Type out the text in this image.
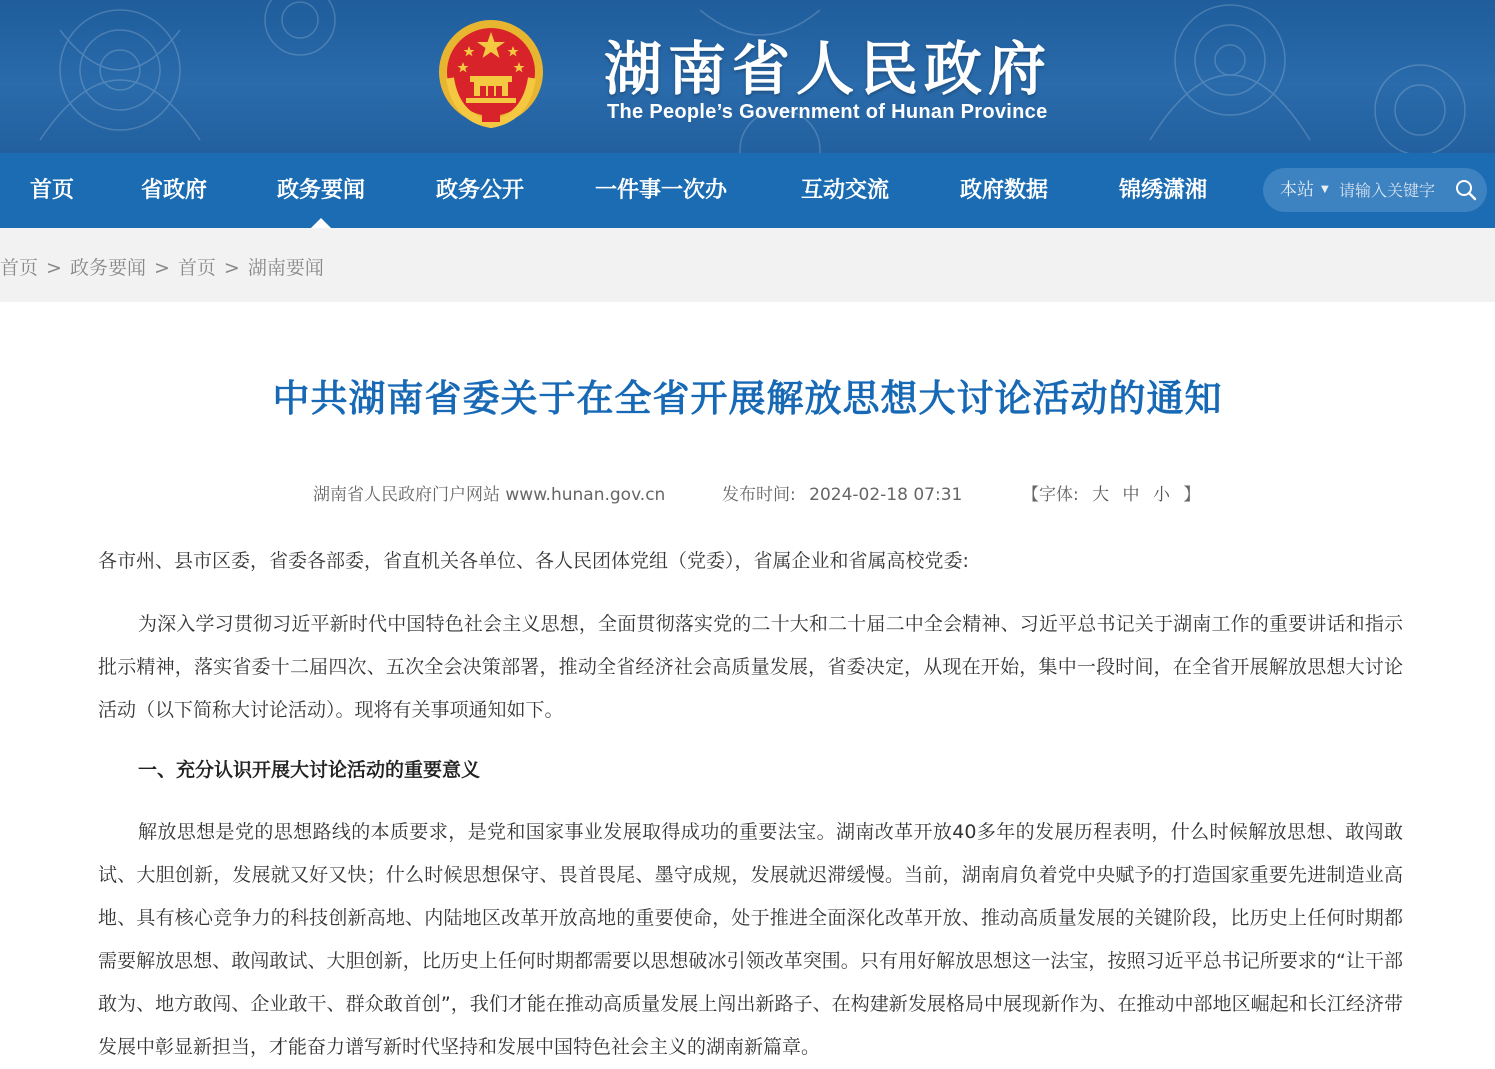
湖南省人民政府
The People’s Government of Hunan Province
首页	省政府	政务要闻	政务公开	一件事一次办	互动交流	政府数据	锦绣潇湘	本站 ▼
请输入关键字
首页 > 政务要闻 > 首页 > 湖南要闻
中共湖南省委关于在全省开展解放思想大讨论活动的通知
湖南省人民政府门户网站 www.hunan.gov.cn	发布时间: 2024-02-18 07:31	【字体: 大 中 小 】

各市州、县市区委，省委各部委，省直机关各单位、各人民团体党组（党委），省属企业和省属高校党委:

为深入学习贯彻习近平新时代中国特色社会主义思想，全面贯彻落实党的二十大和二十届二中全会精神、习近平总书记关于湖南工作的重要讲话和指示批示精神，落实省委十二届四次、五次全会决策部署，推动全省经济社会高质量发展，省委决定，从现在开始，集中一段时间，在全省开展解放思想大讨论活动（以下简称大讨论活动）。现将有关事项通知如下。

一、充分认识开展大讨论活动的重要意义

解放思想是党的思想路线的本质要求，是党和国家事业发展取得成功的重要法宝。湖南改革开放40多年的发展历程表明，什么时候解放思想、敢闯敢试、大胆创新，发展就又好又快；什么时候思想保守、畏首畏尾、墨守成规，发展就迟滞缓慢。当前，湖南肩负着党中央赋予的打造国家重要先进制造业高地、具有核心竞争力的科技创新高地、内陆地区改革开放高地的重要使命，处于推进全面深化改革开放、推动高质量发展的关键阶段，比历史上任何时期都需要解放思想、敢闯敢试、大胆创新，比历史上任何时期都需要以思想破冰引领改革突围。只有用好解放思想这一法宝，按照习近平总书记所要求的“让干部敢为、地方敢闯、企业敢干、群众敢首创”，我们才能在推动高质量发展上闯出新路子、在构建新发展格局中展现新作为、在推动中部地区崛起和长江经济带发展中彰显新担当，才能奋力谱写新时代坚持和发展中国特色社会主义的湖南新篇章。
